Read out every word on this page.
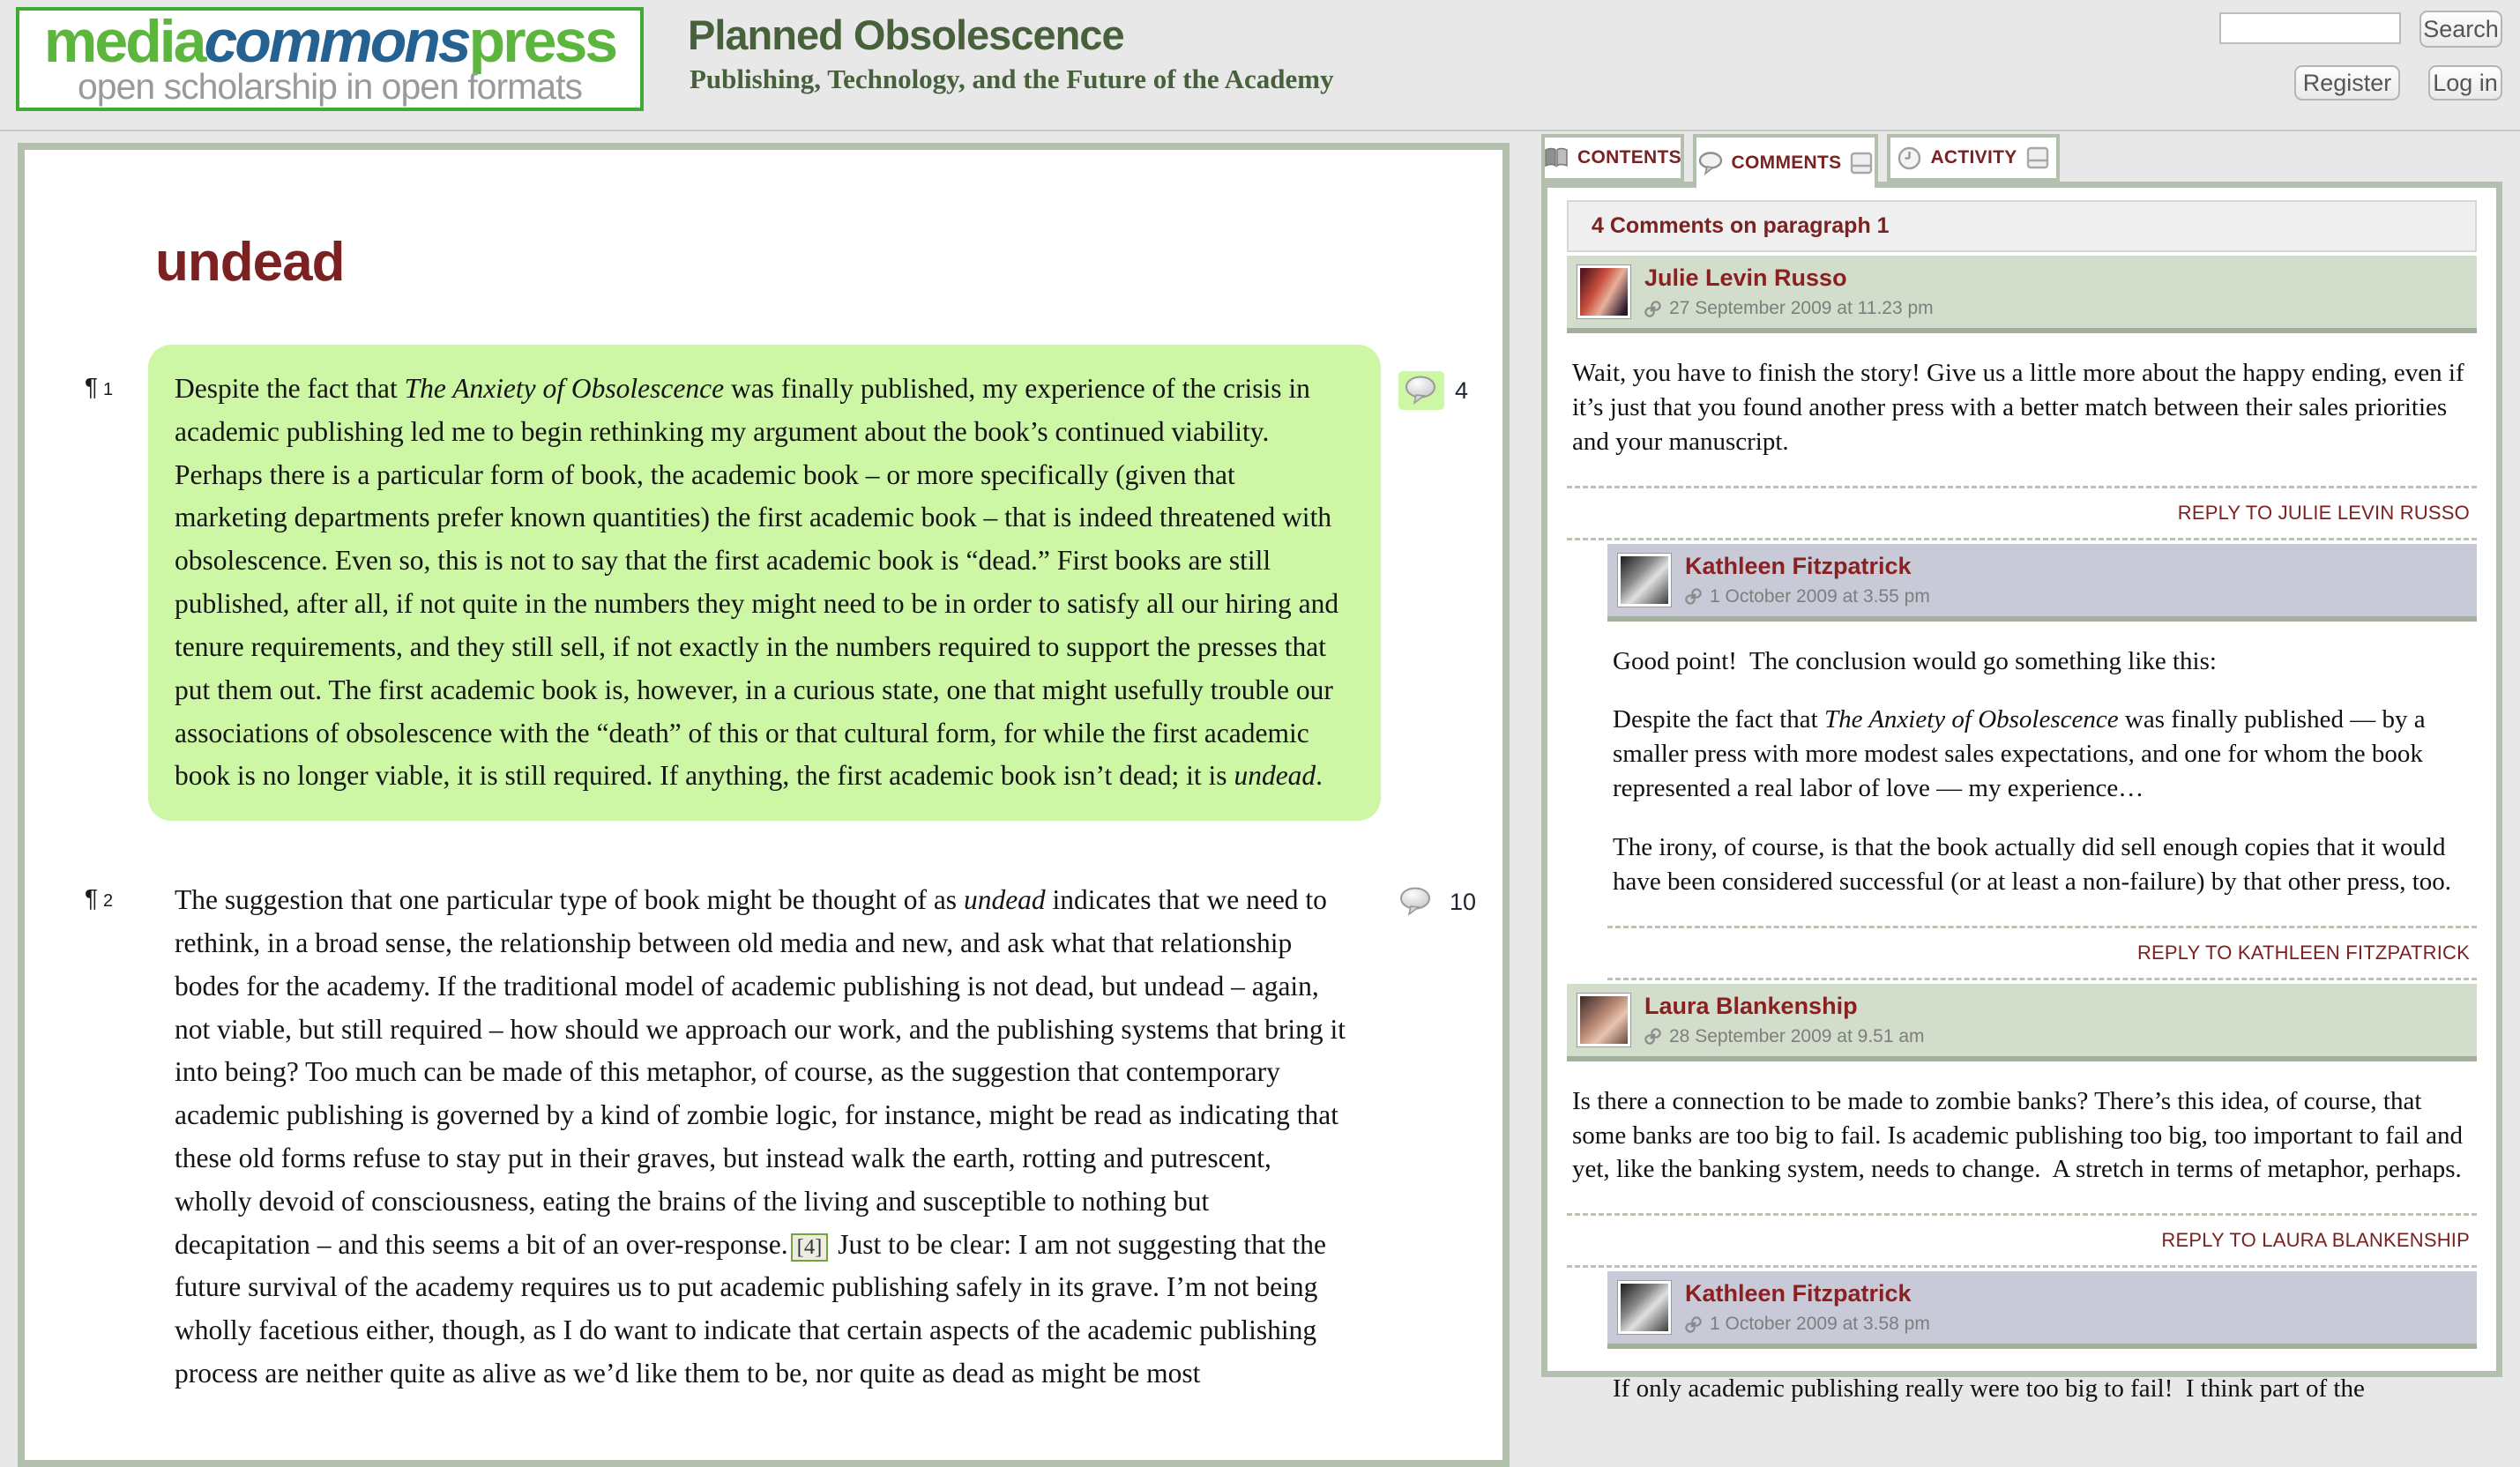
mediacommonspress
open scholarship in open formats
Planned Obsolescence
Publishing, Technology, and the Future of the Academy
Search
Register	Log in
undead
¶ 1	Despite the fact that The Anxiety of Obsolescence was finally published, my experience of the crisis in academic publishing led me to begin rethinking my argument about the book’s continued viability. Perhaps there is a particular form of book, the academic book – or more specifically (given that marketing departments prefer known quantities) the first academic book – that is indeed threatened with obsolescence. Even so, this is not to say that the first academic book is “dead.” First books are still published, after all, if not quite in the numbers they might need to be in order to satisfy all our hiring and tenure requirements, and they still sell, if not exactly in the numbers required to support the presses that put them out. The first academic book is, however, in a curious state, one that might usefully trouble our associations of obsolescence with the “death” of this or that cultural form, for while the first academic book is no longer viable, it is still required. If anything, the first academic book isn’t dead; it is undead.
4
¶ 2	The suggestion that one particular type of book might be thought of as undead indicates that we need to rethink, in a broad sense, the relationship between old media and new, and ask what that relationship bodes for the academy. If the traditional model of academic publishing is not dead, but undead – again, not viable, but still required – how should we approach our work, and the publishing systems that bring it into being? Too much can be made of this metaphor, of course, as the suggestion that contemporary academic publishing is governed by a kind of zombie logic, for instance, might be read as indicating that these old forms refuse to stay put in their graves, but instead walk the earth, rotting and putrescent, wholly devoid of consciousness, eating the brains of the living and susceptible to nothing but decapitation – and this seems a bit of an over-response. [4] Just to be clear: I am not suggesting that the future survival of the academy requires us to put academic publishing safely in its grave. I’m not being wholly facetious either, though, as I do want to indicate that certain aspects of the academic publishing process are neither quite as alive as we’d like them to be, nor quite as dead as might be most
10
CONTENTS	COMMENTS	ACTIVITY
4 Comments on paragraph 1
Julie Levin Russo
27 September 2009 at 11.23 pm

Wait, you have to finish the story! Give us a little more about the happy ending, even if it’s just that you found another press with a better match between their sales priorities and your manuscript.

REPLY TO JULIE LEVIN RUSSO
Kathleen Fitzpatrick
1 October 2009 at 3.55 pm

Good point!  The conclusion would go something like this:

Despite the fact that The Anxiety of Obsolescence was finally published — by a smaller press with more modest sales expectations, and one for whom the book represented a real labor of love — my experience…

The irony, of course, is that the book actually did sell enough copies that it would have been considered successful (or at least a non-failure) by that other press, too.

REPLY TO KATHLEEN FITZPATRICK
Laura Blankenship
28 September 2009 at 9.51 am

Is there a connection to be made to zombie banks? There’s this idea, of course, that some banks are too big to fail. Is academic publishing too big, too important to fail and yet, like the banking system, needs to change.  A stretch in terms of metaphor, perhaps.

REPLY TO LAURA BLANKENSHIP
Kathleen Fitzpatrick
1 October 2009 at 3.58 pm

If only academic publishing really were too big to fail!  I think part of the
